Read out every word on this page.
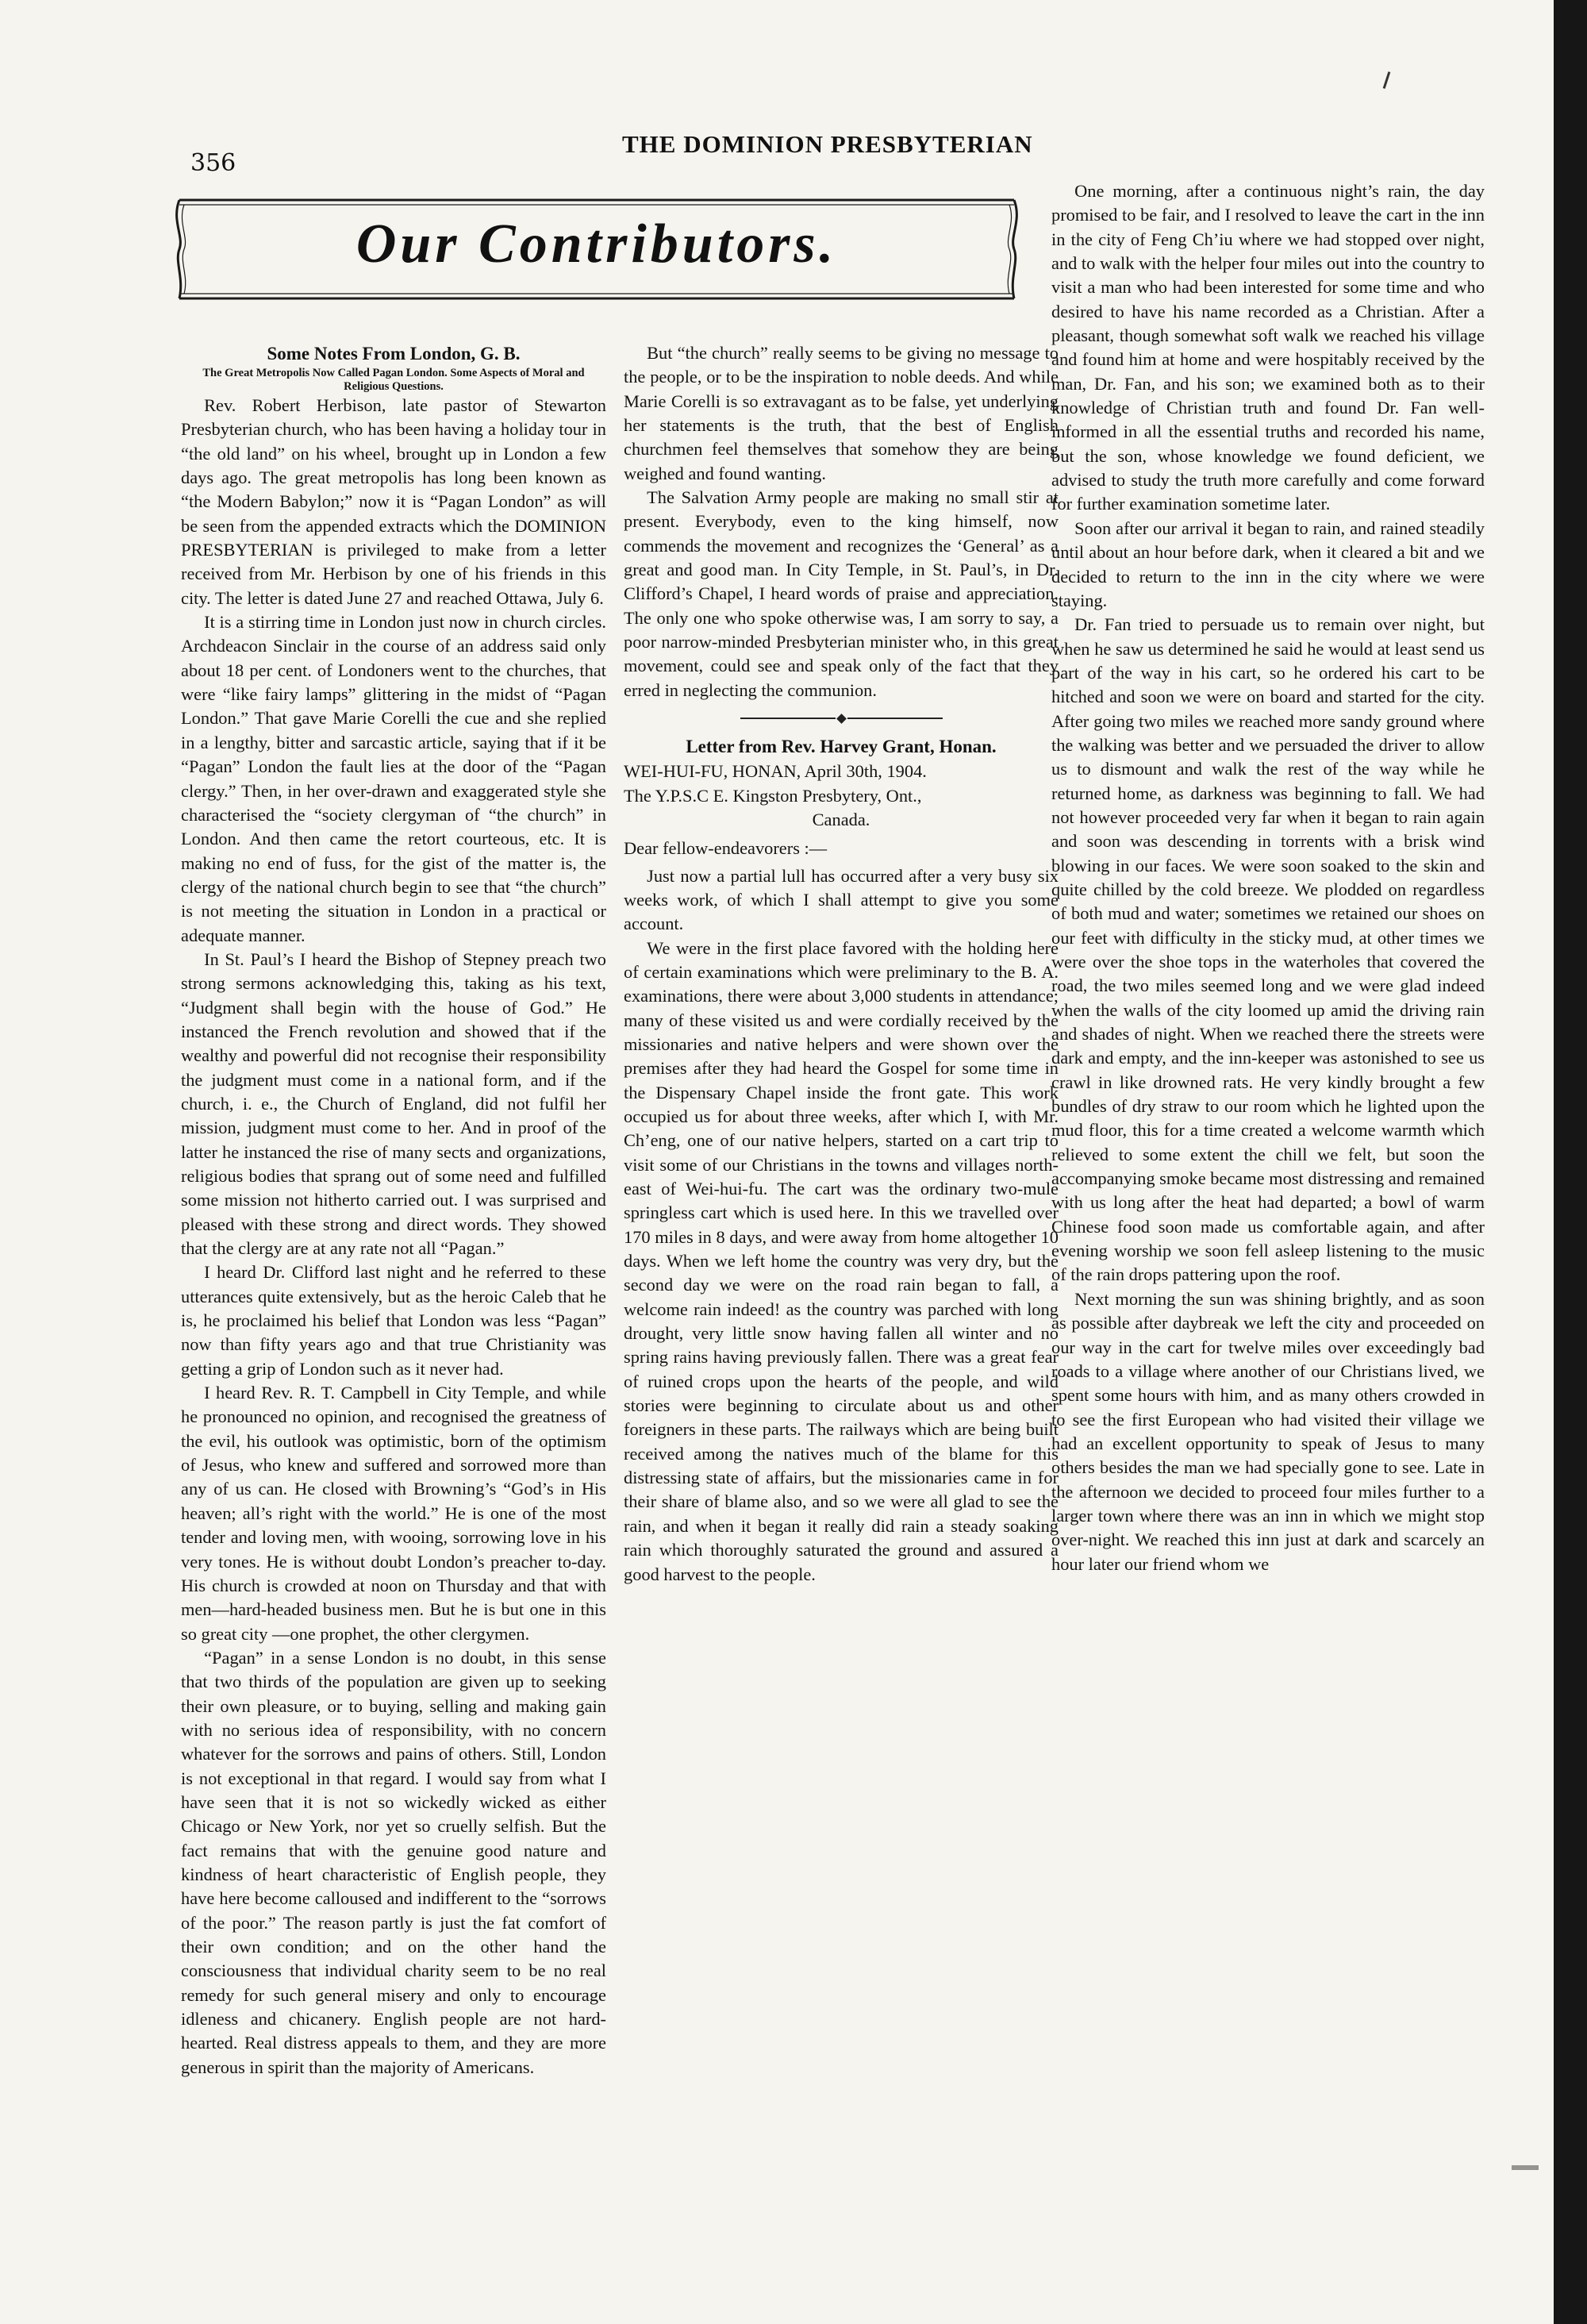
356
THE DOMINION PRESBYTERIAN
Our Contributors.

Some Notes From London, G. B.

The Great Metropolis Now Called Pagan London. Some Aspects of Moral and Religious Questions.

Rev. Robert Herbison, late pastor of Stewarton Presbyterian church, who has been having a holiday tour in “the old land” on his wheel, brought up in London a few days ago. The great metropolis has long been known as “the Modern Babylon;” now it is “Pagan London” as will be seen from the appended extracts which the DOMINION PRESBYTERIAN is privileged to make from a letter received from Mr. Herbison by one of his friends in this city. The letter is dated June 27 and reached Ottawa, July 6.

It is a stirring time in London just now in church circles. Archdeacon Sinclair in the course of an address said only about 18 per cent. of Londoners went to the churches, that were “like fairy lamps” glittering in the midst of “Pagan London.” That gave Marie Corelli the cue and she replied in a lengthy, bitter and sarcastic article, saying that if it be “Pagan” London the fault lies at the door of the “Pagan clergy.” Then, in her over-drawn and exaggerated style she characterised the “society clergyman of “the church” in London. And then came the retort courteous, etc. It is making no end of fuss, for the gist of the matter is, the clergy of the national church begin to see that “the church” is not meeting the situation in London in a practical or adequate manner.

In St. Paul’s I heard the Bishop of Stepney preach two strong sermons acknowledging this, taking as his text, “Judgment shall begin with the house of God.” He instanced the French revolution and showed that if the wealthy and powerful did not recognise their responsibility the judgment must come in a national form, and if the church, i. e., the Church of England, did not fulfil her mission, judgment must come to her. And in proof of the latter he instanced the rise of many sects and organizations, religious bodies that sprang out of some need and fulfilled some mission not hitherto carried out. I was surprised and pleased with these strong and direct words. They showed that the clergy are at any rate not all “Pagan.”

I heard Dr. Clifford last night and he referred to these utterances quite extensively, but as the heroic Caleb that he is, he proclaimed his belief that London was less “Pagan” now than fifty years ago and that true Christianity was getting a grip of London such as it never had.

I heard Rev. R. T. Campbell in City Temple, and while he pronounced no opinion, and recognised the greatness of the evil, his outlook was optimistic, born of the optimism of Jesus, who knew and suffered and sorrowed more than any of us can. He closed with Browning’s “God’s in His heaven; all’s right with the world.” He is one of the most tender and loving men, with wooing, sorrowing love in his very tones. He is without doubt London’s preacher to-day. His church is crowded at noon on Thursday and that with men—hard-headed business men. But he is but one in this so great city —one prophet, the other clergymen.

“Pagan” in a sense London is no doubt, in this sense that two thirds of the population are given up to seeking their own pleasure, or to buying, selling and making gain with no serious idea of responsibility, with no concern whatever for the sorrows and pains of others. Still, London is not exceptional in that regard. I would say from what I have seen that it is not so wickedly wicked as either Chicago or New York, nor yet so cruelly selfish. But the fact remains that with the genuine good nature and kindness of heart characteristic of English people, they have here become calloused and indifferent to the “sorrows of the poor.” The reason partly is just the fat comfort of their own condition; and on the other hand the consciousness that individual charity seem to be no real remedy for such general misery and only to encourage idleness and chicanery. English people are not hard-hearted. Real distress appeals to them, and they are more generous in spirit than the majority of Americans.

But “the church” really seems to be giving no message to the people, or to be the inspiration to noble deeds. And while Marie Corelli is so extravagant as to be false, yet underlying her statements is the truth, that the best of English churchmen feel themselves that somehow they are being weighed and found wanting.

The Salvation Army people are making no small stir at present. Everybody, even to the king himself, now commends the movement and recognizes the ‘General’ as a great and good man. In City Temple, in St. Paul’s, in Dr. Clifford’s Chapel, I heard words of praise and appreciation. The only one who spoke otherwise was, I am sorry to say, a poor narrow-minded Presbyterian minister who, in this great movement, could see and speak only of the fact that they erred in neglecting the communion.

Letter from Rev. Harvey Grant, Honan.

WEI-HUI-FU, HONAN, April 30th, 1904.

The Y.P.S.C E. Kingston Presbytery, Ont.,

Canada.

Dear fellow-endeavorers :—

Just now a partial lull has occurred after a very busy six weeks work, of which I shall attempt to give you some account.

We were in the first place favored with the holding here of certain examinations which were preliminary to the B. A. examinations, there were about 3,000 students in attendance; many of these visited us and were cordially received by the missionaries and native helpers and were shown over the premises after they had heard the Gospel for some time in the Dispensary Chapel inside the front gate. This work occupied us for about three weeks, after which I, with Mr. Ch’eng, one of our native helpers, started on a cart trip to visit some of our Christians in the towns and villages north-east of Wei-hui-fu. The cart was the ordinary two-mule springless cart which is used here. In this we travelled over 170 miles in 8 days, and were away from home altogether 10 days. When we left home the country was very dry, but the second day we were on the road rain began to fall, a welcome rain indeed! as the country was parched with long drought, very little snow having fallen all winter and no spring rains having previously fallen. There was a great fear of ruined crops upon the hearts of the people, and wild stories were beginning to circulate about us and other foreigners in these parts. The railways which are being built received among the natives much of the blame for this distressing state of affairs, but the missionaries came in for their share of blame also, and so we were all glad to see the rain, and when it began it really did rain a steady soaking rain which thoroughly saturated the ground and assured a good harvest to the people.

One morning, after a continuous night’s rain, the day promised to be fair, and I resolved to leave the cart in the inn in the city of Feng Ch’iu where we had stopped over night, and to walk with the helper four miles out into the country to visit a man who had been interested for some time and who desired to have his name recorded as a Christian. After a pleasant, though somewhat soft walk we reached his village and found him at home and were hospitably received by the man, Dr. Fan, and his son; we examined both as to their knowledge of Christian truth and found Dr. Fan well-informed in all the essential truths and recorded his name, but the son, whose knowledge we found deficient, we advised to study the truth more carefully and come forward for further examination sometime later.

Soon after our arrival it began to rain, and rained steadily until about an hour before dark, when it cleared a bit and we decided to return to the inn in the city where we were staying.

Dr. Fan tried to persuade us to remain over night, but when he saw us determined he said he would at least send us part of the way in his cart, so he ordered his cart to be hitched and soon we were on board and started for the city. After going two miles we reached more sandy ground where the walking was better and we persuaded the driver to allow us to dismount and walk the rest of the way while he returned home, as darkness was beginning to fall. We had not however proceeded very far when it began to rain again and soon was descending in torrents with a brisk wind blowing in our faces. We were soon soaked to the skin and quite chilled by the cold breeze. We plodded on regardless of both mud and water; sometimes we retained our shoes on our feet with difficulty in the sticky mud, at other times we were over the shoe tops in the waterholes that covered the road, the two miles seemed long and we were glad indeed when the walls of the city loomed up amid the driving rain and shades of night. When we reached there the streets were dark and empty, and the inn-keeper was astonished to see us crawl in like drowned rats. He very kindly brought a few bundles of dry straw to our room which he lighted upon the mud floor, this for a time created a welcome warmth which relieved to some extent the chill we felt, but soon the accompanying smoke became most distressing and remained with us long after the heat had departed; a bowl of warm Chinese food soon made us comfortable again, and after evening worship we soon fell asleep listening to the music of the rain drops pattering upon the roof.

Next morning the sun was shining brightly, and as soon as possible after daybreak we left the city and proceeded on our way in the cart for twelve miles over exceedingly bad roads to a village where another of our Christians lived, we spent some hours with him, and as many others crowded in to see the first European who had visited their village we had an excellent opportunity to speak of Jesus to many others besides the man we had specially gone to see. Late in the afternoon we decided to proceed four miles further to a larger town where there was an inn in which we might stop over-night. We reached this inn just at dark and scarcely an hour later our friend whom we
